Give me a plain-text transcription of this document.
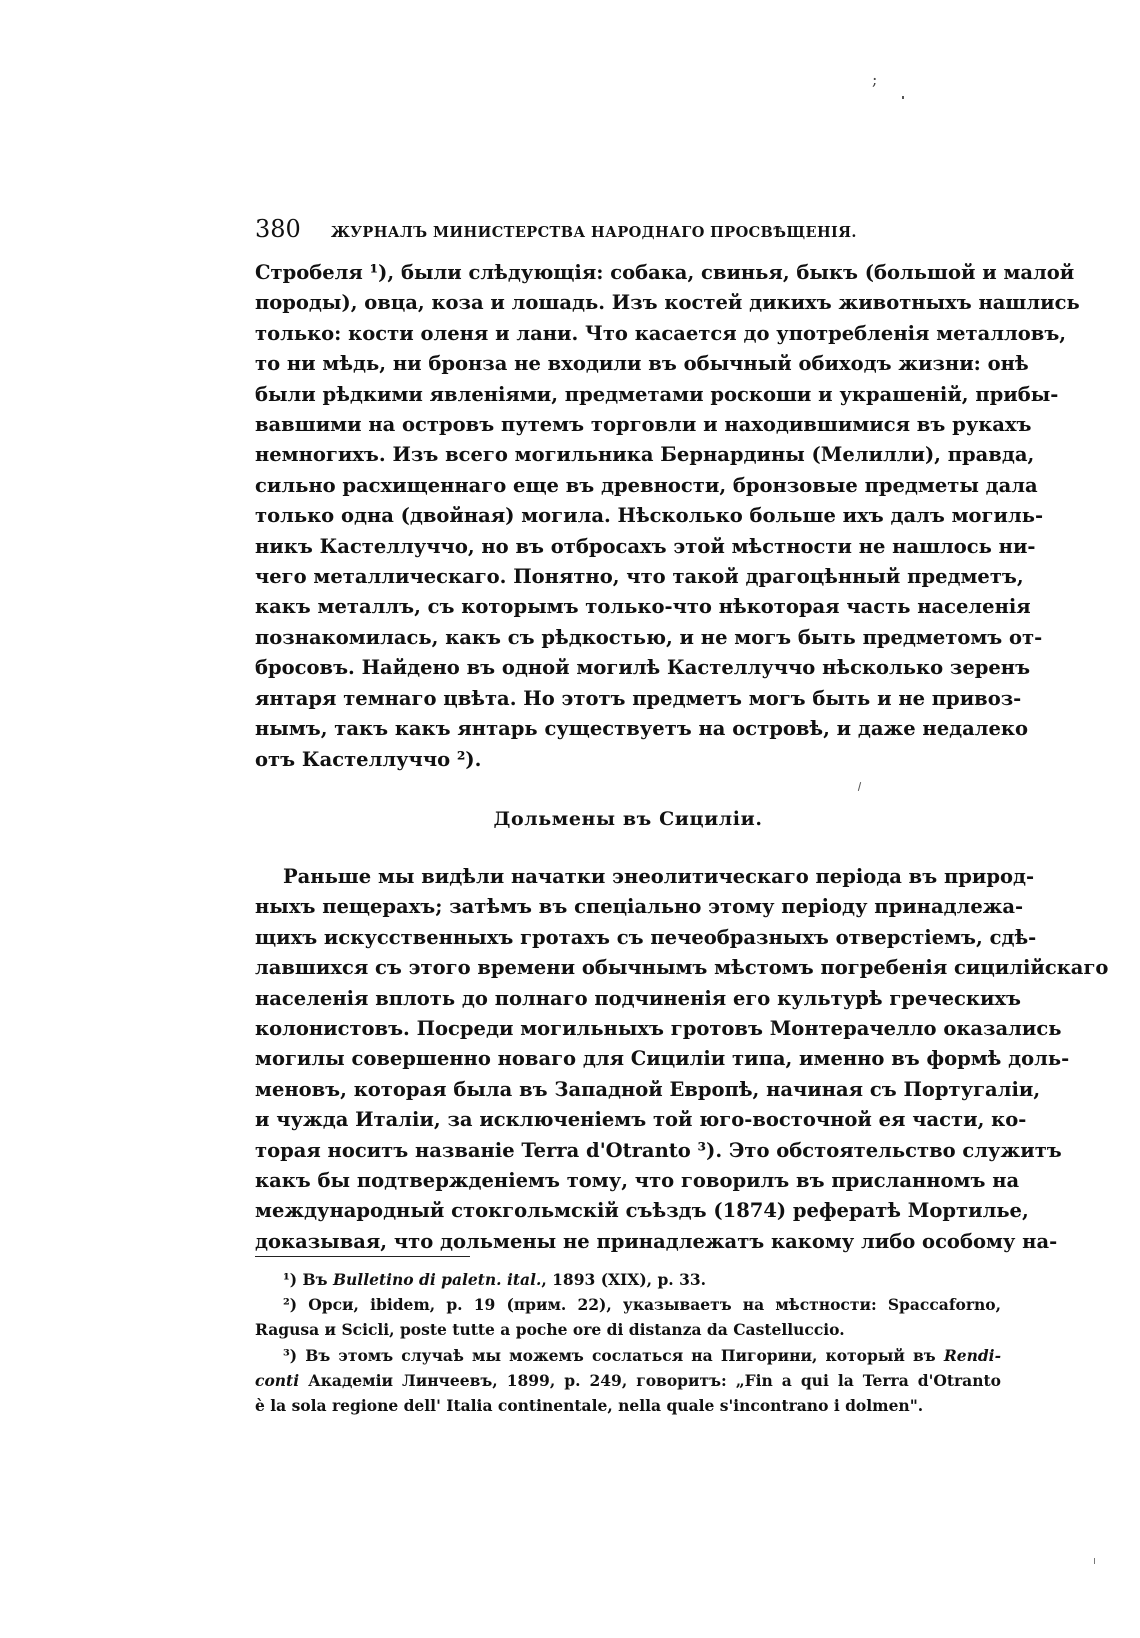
;
380 ЖУРНАЛЪ МИНИСТЕРСТВА НАРОДНАГО ПРОСВѢЩЕНІЯ.
Стробеля ¹), были слѣдующія: собака, свинья, быкъ (большой и малой
породы), овца, коза и лошадь. Изъ костей дикихъ животныхъ нашлись
только: кости оленя и лани. Что касается до употребленія металловъ,
то ни мѣдь, ни бронза не входили въ обычный обиходъ жизни: онѣ
были рѣдкими явленіями, предметами роскоши и украшеній, прибы-
вавшими на островъ путемъ торговли и находившимися въ рукахъ
немногихъ. Изъ всего могильника Бернардины (Мелилли), правда,
сильно расхищеннаго еще въ древности, бронзовые предметы дала
только одна (двойная) могила. Нѣсколько больше ихъ далъ могиль-
никъ Кастеллуччо, но въ отбросахъ этой мѣстности не нашлось ни-
чего металлическаго. Понятно, что такой драгоцѣнный предметъ,
какъ металлъ, съ которымъ только-что нѣкоторая часть населенія
познакомилась, какъ съ рѣдкостью, и не могъ быть предметомъ от-
бросовъ. Найдено въ одной могилѣ Кастеллуччо нѣсколько зеренъ
янтаря темнаго цвѣта. Но этотъ предметъ могъ быть и не привоз-
нымъ, такъ какъ янтарь существуетъ на островѣ, и даже недалеко
отъ Кастеллуччо ²).
Дольмены въ Сициліи.
Раньше мы видѣли начатки энеолитическаго періода въ природ-
ныхъ пещерахъ; затѣмъ въ спеціально этому періоду принадлежа-
щихъ искусственныхъ гротахъ съ печеобразныхъ отверстіемъ, сдѣ-
лавшихся съ этого времени обычнымъ мѣстомъ погребенія сицилійскаго
населенія вплоть до полнаго подчиненія его культурѣ греческихъ
колонистовъ. Посреди могильныхъ гротовъ Монтерачелло оказались
могилы совершенно новаго для Сициліи типа, именно въ формѣ доль-
меновъ, которая была въ Западной Европѣ, начиная съ Португаліи,
и чужда Италіи, за исключеніемъ той юго-восточной ея части, ко-
торая носитъ названіе Terra d'Otranto ³). Это обстоятельство служитъ
какъ бы подтвержденіемъ тому, что говорилъ въ присланномъ на
международный стокгольмскій съѣздъ (1874) рефератѣ Мортилье,
доказывая, что дольмены не принадлежатъ какому либо особому на-
¹) Въ Bulletino di paletn. ital., 1893 (XIX), p. 33.
²) Орси, ibidem, p. 19 (прим. 22), указываетъ на мѣстности: Spaccaforno,
Ragusa и Scicli, poste tutte a poche ore di distanza da Castelluccio.
³) Въ этомъ случаѣ мы можемъ сослаться на Пигорини, который въ Rendi-
conti Академіи Линчеевъ, 1899, p. 249, говоритъ: „Fin a qui la Terra d'Otranto
è la sola regione dell' Italia continentale, nella quale s'incontrano i dolmen".
